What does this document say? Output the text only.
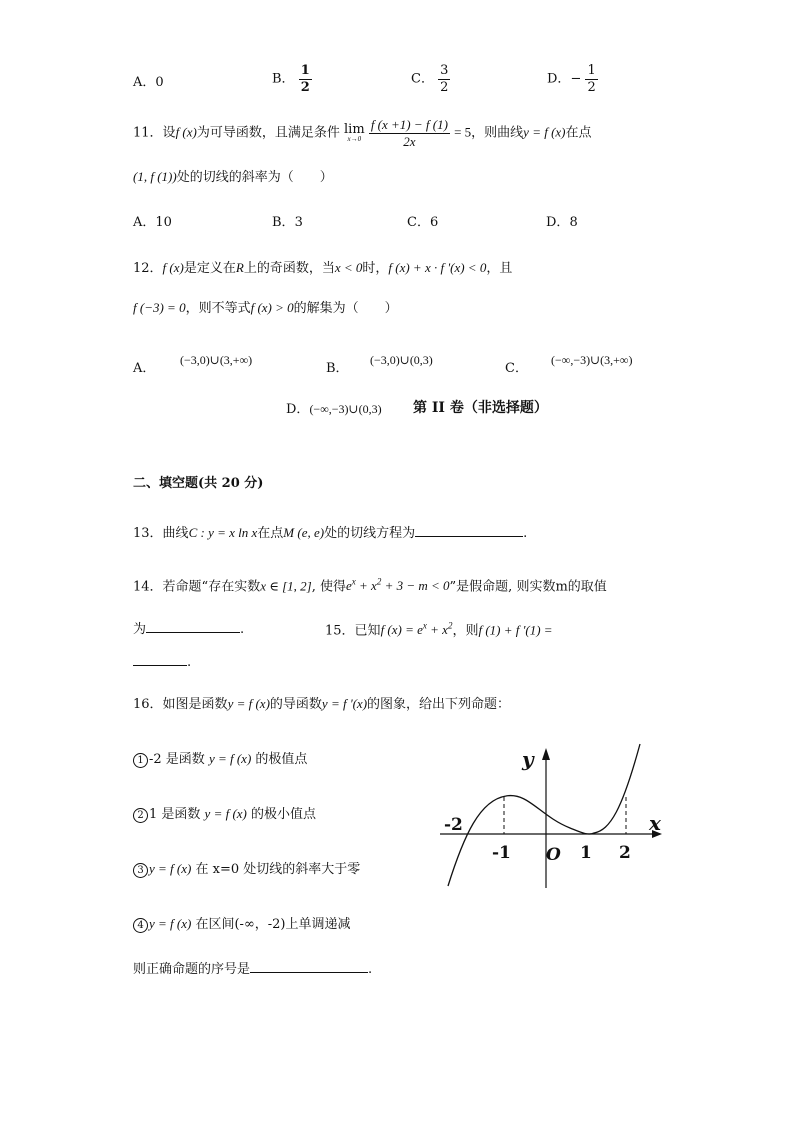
A．0	B． $\frac{1}{2}$	C． $\frac{3}{2}$	D．− $\frac{1}{2}$
11．设f (x)为可导函数，且满足条件 lim
x→0
$\frac{f (x +1) - f (1)}{2x} = 5$，则曲线y = f (x)在点
(1, f (1))处的切线的斜率为（　　）
A．10	B．3	C．6	D．8
12．f (x)是定义在R上的奇函数，当x < 0时，f (x) + x · f '(x) < 0，且
f (−3) = 0，则不等式f (x) > 0的解集为（　　）
A．
(−3,0)∪(3,+∞)
B．
(−3,0)∪(0,3)
C．
(−∞,−3)∪(3,+∞)
D．(−∞,−3)∪(0,3) 第 II 卷（非选择题）
二、填空题(共 20 分)
13．曲线C : y = x ln x在点M (e, e)处的切线方程为	.
14．若命题“存在实数x ∈ [1, 2], 使得$e^x + x^2 + 3 - m < 0$”是假命题, 则实数m的取值
为	.	15．已知f $(x) = e^x + x^2$，则f (1) + f '(1) =
.
16．如图是函数y = f (x)的导函数y = f '(x)的图象，给出下列命题：
1 -2 是函数 y = f (x) 的极值点
2 1 是函数 y = f (x) 的极小值点
3 y = f (x) 在 x=0 处切线的斜率大于零
4 y = f (x) 在区间(-∞，-2)上单调递减
则正确命题的序号是	.
y
x
O
-2
-1	1 2
